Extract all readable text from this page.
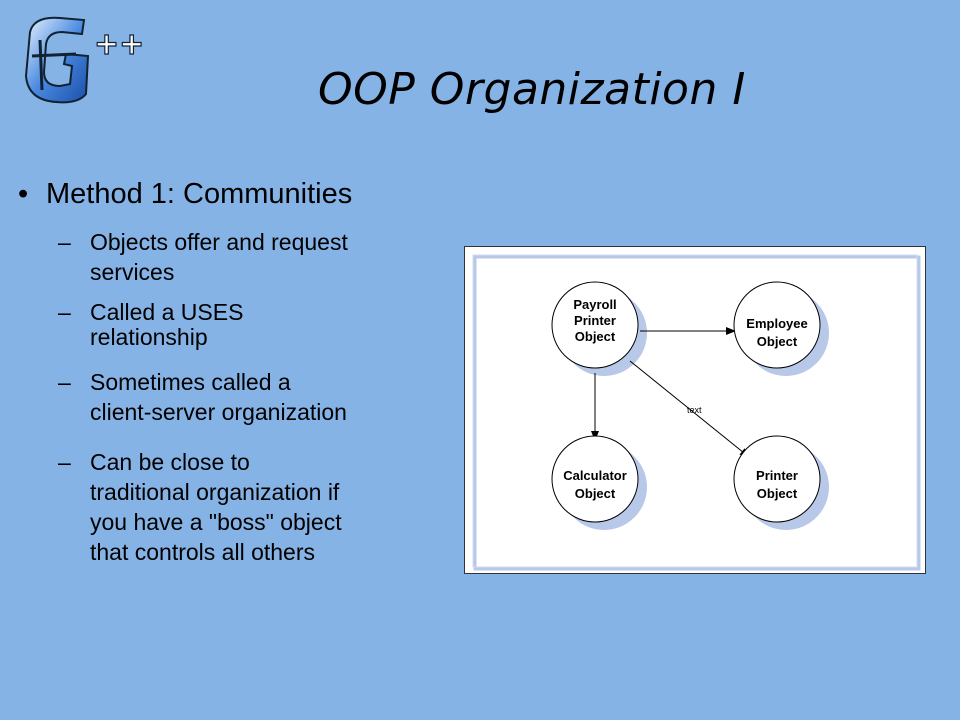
++
OOP Organization I
• Method 1: Communities
– Objects offer and request
services
– Called a USES
relationship
– Sometimes called a
client-server organization
– Can be close to
traditional organization if
you have a "boss" object
that controls all others
text
Payroll
Printer
Object
Employee
Object
Calculator
Object
Printer
Object
